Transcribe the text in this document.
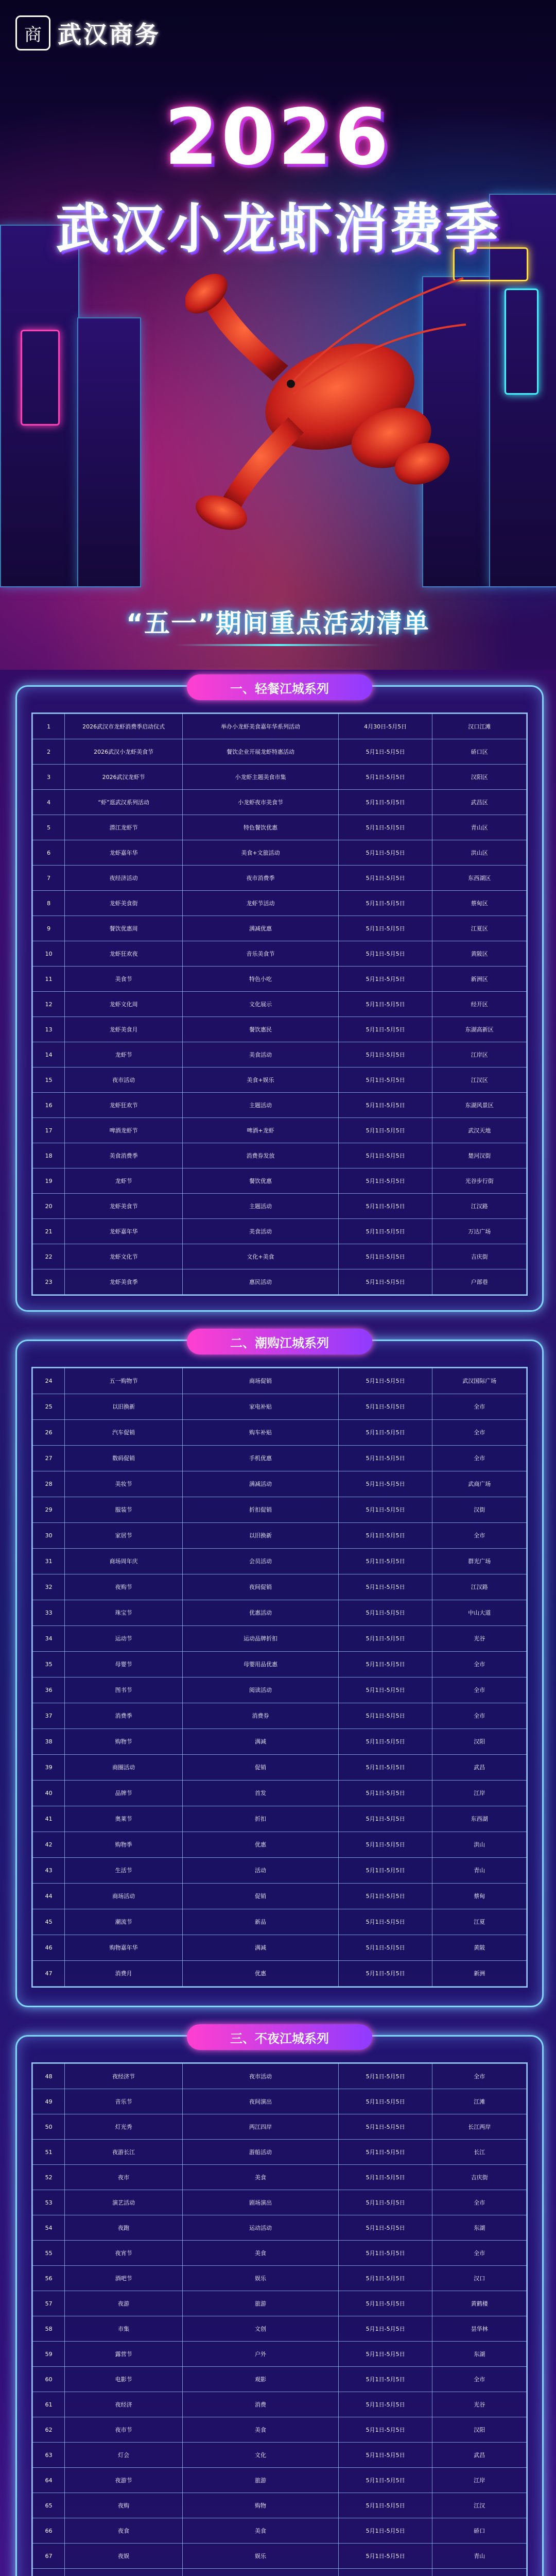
商 武汉商务
2026
武汉小龙虾消费季
“五一”期间重点活动清单
一、轻餐江城系列
1	2026武汉市龙虾消费季启动仪式	举办小龙虾美食嘉年华系列活动	4月30日-5月5日	汉口江滩
2	2026武汉小龙虾美食节	餐饮企业开展龙虾特惠活动	5月1日-5月5日	硚口区
3	2026武汉龙虾节	小龙虾主题美食市集	5月1日-5月5日	汉阳区
4	“虾”逛武汉系列活动	小龙虾夜市美食节	5月1日-5月5日	武昌区
5	潜江龙虾节	特色餐饮优惠	5月1日-5月5日	青山区
6	龙虾嘉年华	美食+文旅活动	5月1日-5月5日	洪山区
7	夜经济活动	夜市消费季	5月1日-5月5日	东西湖区
8	龙虾美食街	龙虾节活动	5月1日-5月5日	蔡甸区
9	餐饮优惠周	满减优惠	5月1日-5月5日	江夏区
10	龙虾狂欢夜	音乐美食节	5月1日-5月5日	黄陂区
11	美食节	特色小吃	5月1日-5月5日	新洲区
12	龙虾文化周	文化展示	5月1日-5月5日	经开区
13	龙虾美食月	餐饮惠民	5月1日-5月5日	东湖高新区
14	龙虾节	美食活动	5月1日-5月5日	江岸区
15	夜市活动	美食+娱乐	5月1日-5月5日	江汉区
16	龙虾狂欢节	主题活动	5月1日-5月5日	东湖风景区
17	啤酒龙虾节	啤酒+龙虾	5月1日-5月5日	武汉天地
18	美食消费季	消费券发放	5月1日-5月5日	楚河汉街
19	龙虾节	餐饮优惠	5月1日-5月5日	光谷步行街
20	龙虾美食节	主题活动	5月1日-5月5日	江汉路
21	龙虾嘉年华	美食活动	5月1日-5月5日	万达广场
22	龙虾文化节	文化+美食	5月1日-5月5日	吉庆街
23	龙虾美食季	惠民活动	5月1日-5月5日	户部巷
二、潮购江城系列
24	五一购物节	商场促销	5月1日-5月5日	武汉国际广场
25	以旧换新	家电补贴	5月1日-5月5日	全市
26	汽车促销	购车补贴	5月1日-5月5日	全市
27	数码促销	手机优惠	5月1日-5月5日	全市
28	美妆节	满减活动	5月1日-5月5日	武商广场
29	服装节	折扣促销	5月1日-5月5日	汉街
30	家居节	以旧换新	5月1日-5月5日	全市
31	商场周年庆	会员活动	5月1日-5月5日	群光广场
32	夜购节	夜间促销	5月1日-5月5日	江汉路
33	珠宝节	优惠活动	5月1日-5月5日	中山大道
34	运动节	运动品牌折扣	5月1日-5月5日	光谷
35	母婴节	母婴用品优惠	5月1日-5月5日	全市
36	图书节	阅读活动	5月1日-5月5日	全市
37	消费季	消费券	5月1日-5月5日	全市
38	购物节	满减	5月1日-5月5日	汉阳
39	商圈活动	促销	5月1日-5月5日	武昌
40	品牌节	首发	5月1日-5月5日	江岸
41	奥莱节	折扣	5月1日-5月5日	东西湖
42	购物季	优惠	5月1日-5月5日	洪山
43	生活节	活动	5月1日-5月5日	青山
44	商场活动	促销	5月1日-5月5日	蔡甸
45	潮流节	新品	5月1日-5月5日	江夏
46	购物嘉年华	满减	5月1日-5月5日	黄陂
47	消费月	优惠	5月1日-5月5日	新洲
三、不夜江城系列
48	夜经济节	夜市活动	5月1日-5月5日	全市
49	音乐节	夜间演出	5月1日-5月5日	江滩
50	灯光秀	两江四岸	5月1日-5月5日	长江两岸
51	夜游长江	游船活动	5月1日-5月5日	长江
52	夜市	美食	5月1日-5月5日	吉庆街
53	演艺活动	剧场演出	5月1日-5月5日	全市
54	夜跑	运动活动	5月1日-5月5日	东湖
55	夜宵节	美食	5月1日-5月5日	全市
56	酒吧节	娱乐	5月1日-5月5日	汉口
57	夜游	旅游	5月1日-5月5日	黄鹤楼
58	市集	文创	5月1日-5月5日	昙华林
59	露营节	户外	5月1日-5月5日	东湖
60	电影节	观影	5月1日-5月5日	全市
61	夜经济	消费	5月1日-5月5日	光谷
62	夜市节	美食	5月1日-5月5日	汉阳
63	灯会	文化	5月1日-5月5日	武昌
64	夜游节	旅游	5月1日-5月5日	江岸
65	夜购	购物	5月1日-5月5日	江汉
66	夜食	美食	5月1日-5月5日	硚口
67	夜娱	娱乐	5月1日-5月5日	青山
